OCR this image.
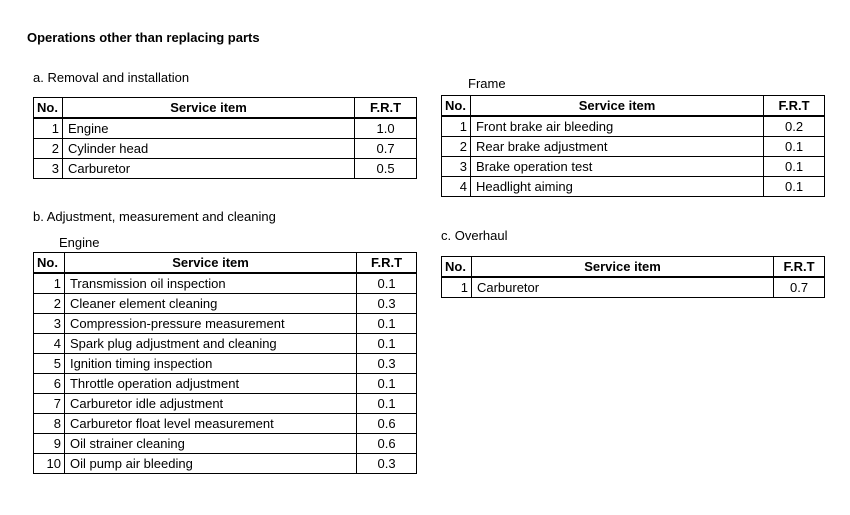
Operations other than replacing parts
a. Removal and installation
No.	Service item	F.R.T
1	Engine	1.0
2	Cylinder head	0.7
3	Carburetor	0.5
Frame
No.	Service item	F.R.T
1	Front brake air bleeding	0.2
2	Rear brake adjustment	0.1
3	Brake operation test	0.1
4	Headlight aiming	0.1
b. Adjustment, measurement and cleaning
Engine
No.	Service item	F.R.T
1	Transmission oil inspection	0.1
2	Cleaner element cleaning	0.3
3	Compression-pressure measurement	0.1
4	Spark plug adjustment and cleaning	0.1
5	Ignition timing inspection	0.3
6	Throttle operation adjustment	0.1
7	Carburetor idle adjustment	0.1
8	Carburetor float level measurement	0.6
9	Oil strainer cleaning	0.6
10	Oil pump air bleeding	0.3
c. Overhaul
No.	Service item	F.R.T
1	Carburetor	0.7
